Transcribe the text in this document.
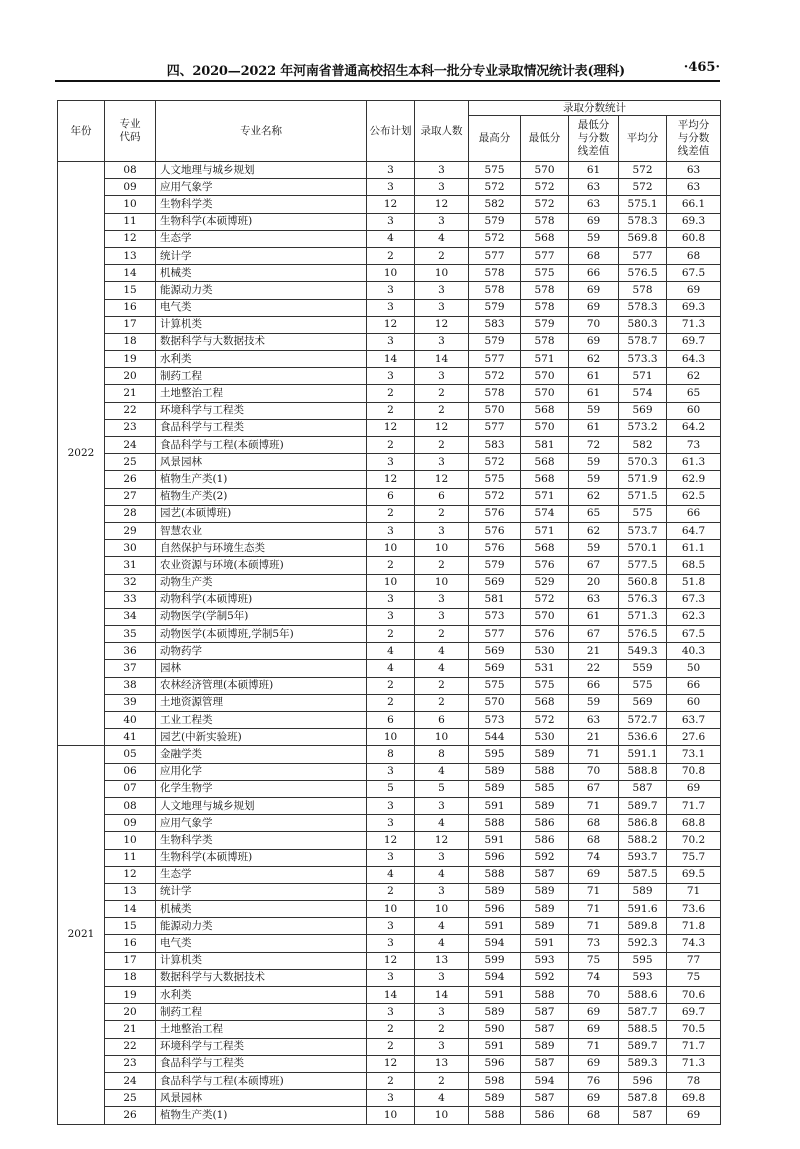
四、2020—2022 年河南省普通高校招生本科一批分专业录取情况统计表(理科)	·465·
年份	专业代码	专业名称	公布计划	录取人数	录取分数统计				
					最高分	最低分	最低分与分数线差值	平均分	平均分与分数线差值

2022	08	人文地理与城乡规划	3	3	575	570	61	572	63
	09	应用气象学	3	3	572	572	63	572	63
	10	生物科学类	12	12	582	572	63	575.1	66.1
	11	生物科学(本硕博班)	3	3	579	578	69	578.3	69.3
	12	生态学	4	4	572	568	59	569.8	60.8
	13	统计学	2	2	577	577	68	577	68
	14	机械类	10	10	578	575	66	576.5	67.5
	15	能源动力类	3	3	578	578	69	578	69
	16	电气类	3	3	579	578	69	578.3	69.3
	17	计算机类	12	12	583	579	70	580.3	71.3
	18	数据科学与大数据技术	3	3	579	578	69	578.7	69.7
	19	水利类	14	14	577	571	62	573.3	64.3
	20	制药工程	3	3	572	570	61	571	62
	21	土地整治工程	2	2	578	570	61	574	65
	22	环境科学与工程类	2	2	570	568	59	569	60
	23	食品科学与工程类	12	12	577	570	61	573.2	64.2
	24	食品科学与工程(本硕博班)	2	2	583	581	72	582	73
	25	风景园林	3	3	572	568	59	570.3	61.3
	26	植物生产类(1)	12	12	575	568	59	571.9	62.9
	27	植物生产类(2)	6	6	572	571	62	571.5	62.5
	28	园艺(本硕博班)	2	2	576	574	65	575	66
	29	智慧农业	3	3	576	571	62	573.7	64.7
	30	自然保护与环境生态类	10	10	576	568	59	570.1	61.1
	31	农业资源与环境(本硕博班)	2	2	579	576	67	577.5	68.5
	32	动物生产类	10	10	569	529	20	560.8	51.8
	33	动物科学(本硕博班)	3	3	581	572	63	576.3	67.3
	34	动物医学(学制5年)	3	3	573	570	61	571.3	62.3
	35	动物医学(本硕博班,学制5年)	2	2	577	576	67	576.5	67.5
	36	动物药学	4	4	569	530	21	549.3	40.3
	37	园林	4	4	569	531	22	559	50
	38	农林经济管理(本硕博班)	2	2	575	575	66	575	66
	39	土地资源管理	2	2	570	568	59	569	60
	40	工业工程类	6	6	573	572	63	572.7	63.7
	41	园艺(中新实验班)	10	10	544	530	21	536.6	27.6
2021	05	金融学类	8	8	595	589	71	591.1	73.1
	06	应用化学	3	4	589	588	70	588.8	70.8
	07	化学生物学	5	5	589	585	67	587	69
	08	人文地理与城乡规划	3	3	591	589	71	589.7	71.7
	09	应用气象学	3	4	588	586	68	586.8	68.8
	10	生物科学类	12	12	591	586	68	588.2	70.2
	11	生物科学(本硕博班)	3	3	596	592	74	593.7	75.7
	12	生态学	4	4	588	587	69	587.5	69.5
	13	统计学	2	3	589	589	71	589	71
	14	机械类	10	10	596	589	71	591.6	73.6
	15	能源动力类	3	4	591	589	71	589.8	71.8
	16	电气类	3	4	594	591	73	592.3	74.3
	17	计算机类	12	13	599	593	75	595	77
	18	数据科学与大数据技术	3	3	594	592	74	593	75
	19	水利类	14	14	591	588	70	588.6	70.6
	20	制药工程	3	3	589	587	69	587.7	69.7
	21	土地整治工程	2	2	590	587	69	588.5	70.5
	22	环境科学与工程类	2	3	591	589	71	589.7	71.7
	23	食品科学与工程类	12	13	596	587	69	589.3	71.3
	24	食品科学与工程(本硕博班)	2	2	598	594	76	596	78
	25	风景园林	3	4	589	587	69	587.8	69.8
	26	植物生产类(1)	10	10	588	586	68	587	69
